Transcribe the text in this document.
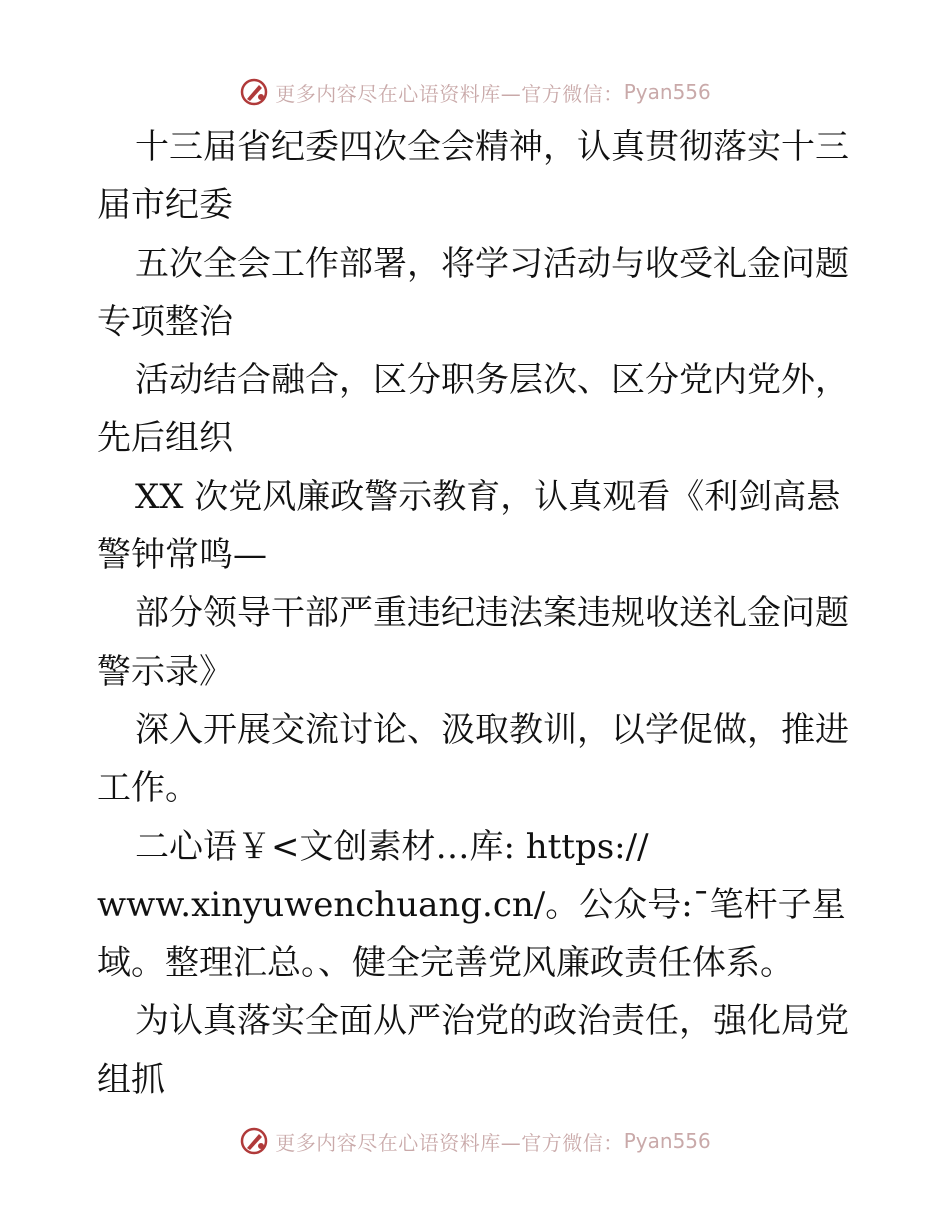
更多内容尽在心语资料库—官方微信： Pyan556
十三届省纪委四次全会精神，认真贯彻落实十三
届市纪委
五次全会工作部署，将学习活动与收受礼金问题
专项整治
活动结合融合，区分职务层次、区分党内党外，
先后组织
XX 次党风廉政警示教育，认真观看《利剑高悬
警钟常鸣—
部分领导干部严重违纪违法案违规收送礼金问题
警示录》
深入开展交流讨论、汲取教训，以学促做，推进
工作。
二心语￥<文创素材…库: https://
www.xinyuwenchuang.cn/。公众号:¯笔杆子星
域。整理汇总。、健全完善党风廉政责任体系。
为认真落实全面从严治党的政治责任，强化局党
组抓
更多内容尽在心语资料库—官方微信： Pyan556
